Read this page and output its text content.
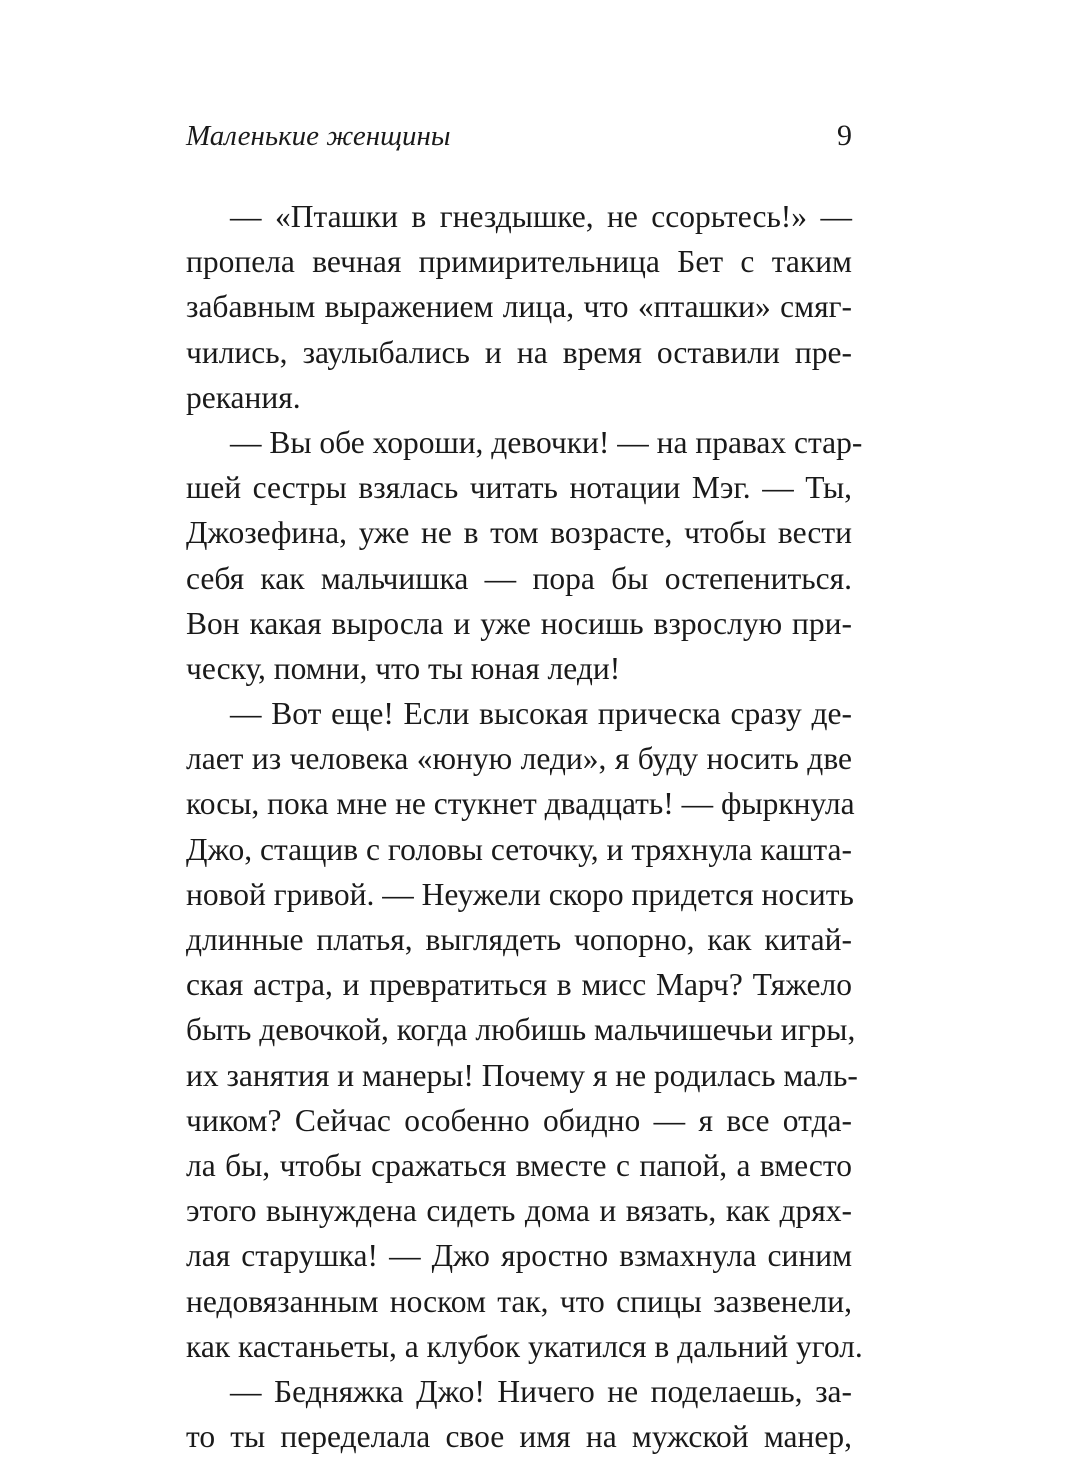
Маленькие женщины	9
— «Пташки в гнездышке, не ссорьтесь!» —
пропела вечная примирительница Бет с таким
забавным выражением лица, что «пташки» смяг-
чились, заулыбались и на время оставили пре-
рекания.
— Вы обе хороши, девочки! — на правах стар-
шей сестры взялась читать нотации Мэг. — Ты,
Джозефина, уже не в том возрасте, чтобы вести
себя как мальчишка — пора бы остепениться.
Вон какая выросла и уже носишь взрослую при-
ческу, помни, что ты юная леди!
— Вот еще! Если высокая прическа сразу де-
лает из человека «юную леди», я буду носить две
косы, пока мне не стукнет двадцать! — фыркнула
Джо, стащив с головы сеточку, и тряхнула кашта-
новой гривой. — Неужели скоро придется носить
длинные платья, выглядеть чопорно, как китай-
ская астра, и превратиться в мисс Марч? Тяжело
быть девочкой, когда любишь мальчишечьи игры,
их занятия и манеры! Почему я не родилась маль-
чиком? Сейчас особенно обидно — я все отда-
ла бы, чтобы сражаться вместе с папой, а вместо
этого вынуждена сидеть дома и вязать, как дрях-
лая старушка! — Джо яростно взмахнула синим
недовязанным носком так, что спицы зазвенели,
как кастаньеты, а клубок укатился в дальний угол.
— Бедняжка Джо! Ничего не поделаешь, за-
то ты переделала свое имя на мужской манер,
